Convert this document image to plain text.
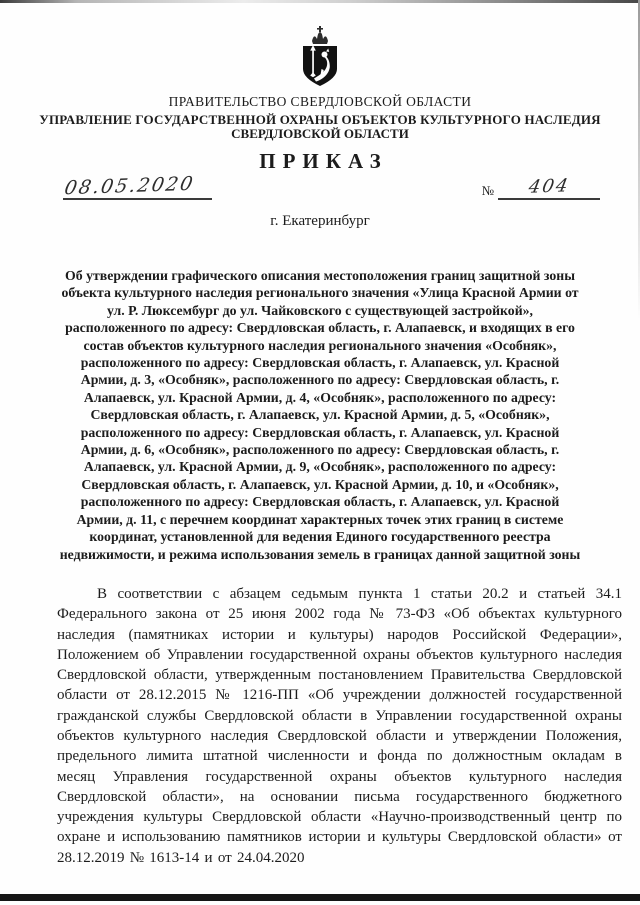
ПРАВИТЕЛЬСТВО СВЕРДЛОВСКОЙ ОБЛАСТИ
УПРАВЛЕНИЕ ГОСУДАРСТВЕННОЙ ОХРАНЫ ОБЪЕКТОВ КУЛЬТУРНОГО НАСЛЕДИЯ
СВЕРДЛОВСКОЙ ОБЛАСТИ
ПРИКАЗ
08.05.2020	№	404
г. Екатеринбург
Об утверждении графического описания местоположения границ защитной зоны объекта культурного наследия регионального значения «Улица Красной Армии от ул. Р. Люксембург до ул. Чайковского с существующей застройкой», расположенного по адресу: Свердловская область, г. Алапаевск, и входящих в его состав объектов культурного наследия регионального значения «Особняк», расположенного по адресу: Свердловская область, г. Алапаевск, ул. Красной Армии, д. 3, «Особняк», расположенного по адресу: Свердловская область, г. Алапаевск, ул. Красной Армии, д. 4, «Особняк», расположенного по адресу: Свердловская область, г. Алапаевск, ул. Красной Армии, д. 5, «Особняк», расположенного по адресу: Свердловская область, г. Алапаевск, ул. Красной Армии, д. 6, «Особняк», расположенного по адресу: Свердловская область, г. Алапаевск, ул. Красной Армии, д. 9, «Особняк», расположенного по адресу: Свердловская область, г. Алапаевск, ул. Красной Армии, д. 10, и «Особняк», расположенного по адресу: Свердловская область, г. Алапаевск, ул. Красной Армии, д. 11, с перечнем координат характерных точек этих границ в системе координат, установленной для ведения Единого государственного реестра недвижимости, и режима использования земель в границах данной защитной зоны
В соответствии с абзацем седьмым пункта 1 статьи 20.2 и статьей 34.1 Федерального закона от 25 июня 2002 года № 73-ФЗ «Об объектах культурного наследия (памятниках истории и культуры) народов Российской Федерации», Положением об Управлении государственной охраны объектов культурного наследия Свердловской области, утвержденным постановлением Правительства Свердловской области от 28.12.2015 № 1216-ПП «Об учреждении должностей государственной гражданской службы Свердловской области в Управлении государственной охраны объектов культурного наследия Свердловской области и утверждении Положения, предельного лимита штатной численности и фонда по должностным окладам в месяц Управления государственной охраны объектов культурного наследия Свердловской области», на основании письма государственного бюджетного учреждения культуры Свердловской области «Научно-производственный центр по охране и использованию памятников истории и культуры Свердловской области» от 28.12.2019 № 1613-14 и от 24.04.2020
